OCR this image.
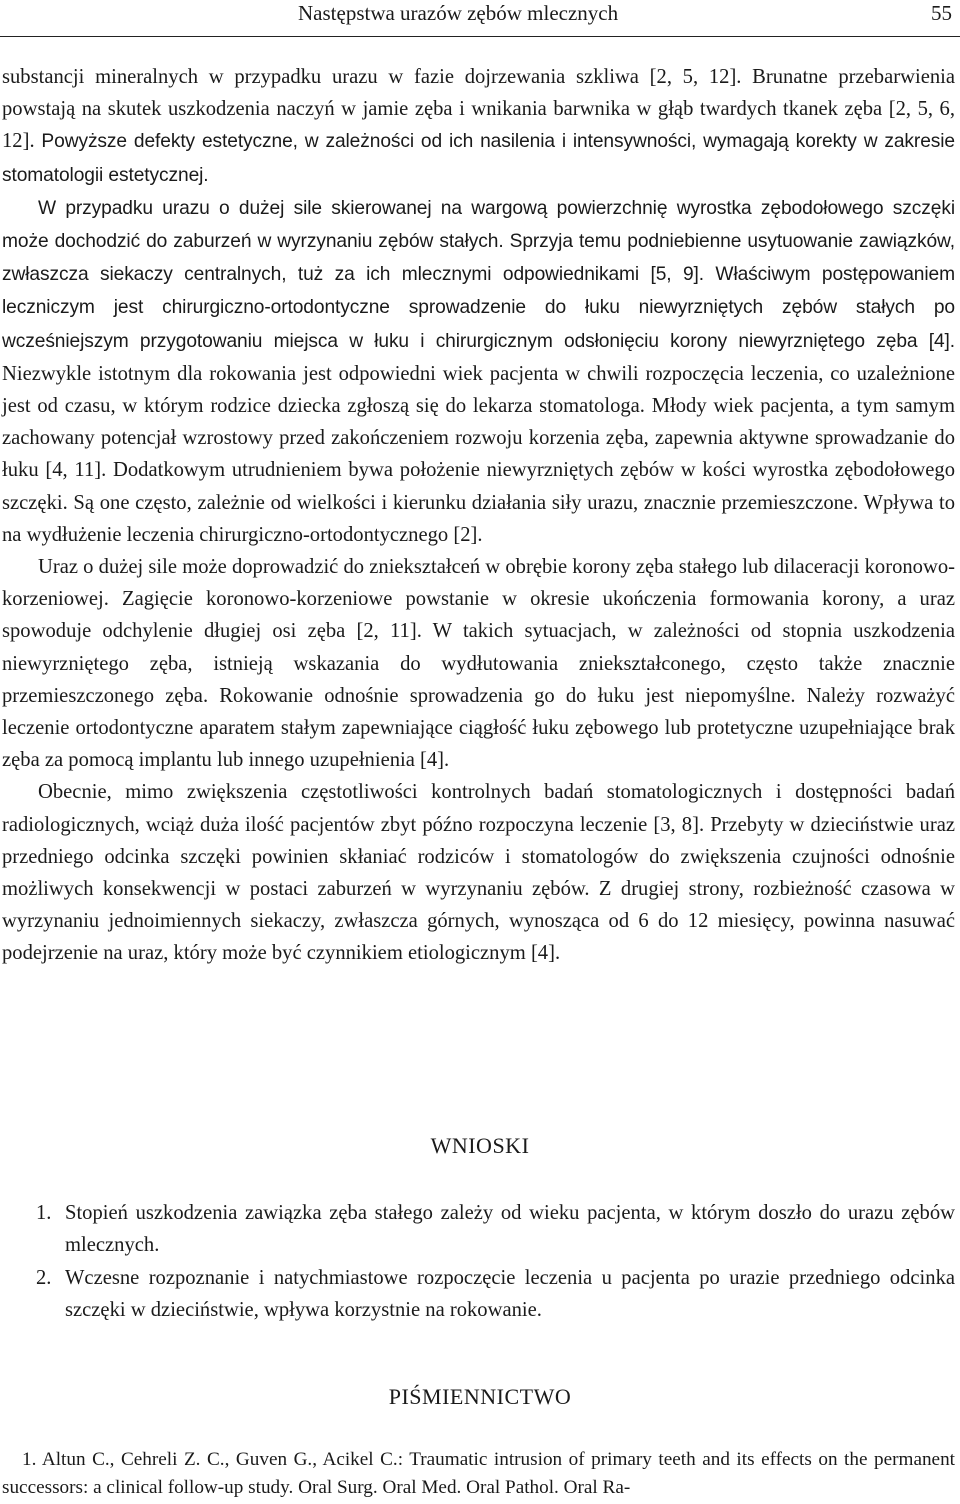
Następstwa urazów zębów mlecznych	55

substancji mineralnych w przypadku urazu w fazie dojrzewania szkliwa [2, 5, 12]. Brunatne przebarwienia powstają na skutek uszkodzenia naczyń w jamie zęba i wnikania barwnika w głąb twardych tkanek zęba [2, 5, 6, 12]. Powyższe defekty estetyczne, w zależności od ich nasilenia i intensywności, wymagają korekty w zakresie stomatologii estetycznej.

W przypadku urazu o dużej sile skierowanej na wargową powierzchnię wyrostka zębodołowego szczęki może dochodzić do zaburzeń w wyrzynaniu zębów stałych. Sprzyja temu podniebienne usytuowanie zawiązków, zwłaszcza siekaczy centralnych, tuż za ich mlecznymi odpowiednikami [5, 9]. Właściwym postępowaniem leczniczym jest chirurgiczno-ortodontyczne sprowadzenie do łuku niewyrzniętych zębów stałych po wcześniejszym przygotowaniu miejsca w łuku i chirurgicznym odsłonięciu korony niewyrzniętego zęba [4]. Niezwykle istotnym dla rokowania jest odpowiedni wiek pacjenta w chwili rozpoczęcia leczenia, co uzależnione jest od czasu, w którym rodzice dziecka zgłoszą się do lekarza stomatologa. Młody wiek pacjenta, a tym samym zachowany potencjał wzrostowy przed zakończeniem rozwoju korzenia zęba, zapewnia aktywne sprowadzanie do łuku [4, 11]. Dodatkowym utrudnieniem bywa położenie niewyrzniętych zębów w kości wyrostka zębodołowego szczęki. Są one często, zależnie od wielkości i kierunku działania siły urazu, znacznie przemieszczone. Wpływa to na wydłużenie leczenia chirurgiczno-ortodontycznego [2].

Uraz o dużej sile może doprowadzić do zniekształceń w obrębie korony zęba stałego lub dilaceracji koronowo-korzeniowej. Zagięcie koronowo-korzeniowe powstanie w okresie ukończenia formowania korony, a uraz spowoduje odchylenie długiej osi zęba [2, 11]. W takich sytuacjach, w zależności od stopnia uszkodzenia niewyrzniętego zęba, istnieją wskazania do wydłutowania zniekształconego, często także znacznie przemieszczonego zęba. Rokowanie odnośnie sprowadzenia go do łuku jest niepomyślne. Należy rozważyć leczenie ortodontyczne aparatem stałym zapewniające ciągłość łuku zębowego lub protetyczne uzupełniające brak zęba za pomocą implantu lub innego uzupełnienia [4].

Obecnie, mimo zwiększenia częstotliwości kontrolnych badań stomatologicznych i dostępności badań radiologicznych, wciąż duża ilość pacjentów zbyt późno rozpoczyna leczenie [3, 8]. Przebyty w dzieciństwie uraz przedniego odcinka szczęki powinien skłaniać rodziców i stomatologów do zwiększenia czujności odnośnie możliwych konsekwencji w postaci zaburzeń w wyrzynaniu zębów. Z drugiej strony, rozbieżność czasowa w wyrzynaniu jednoimiennych siekaczy, zwłaszcza górnych, wynosząca od 6 do 12 miesięcy, powinna nasuwać podejrzenie na uraz, który może być czynnikiem etiologicznym [4].

WNIOSKI
1. Stopień uszkodzenia zawiązka zęba stałego zależy od wieku pacjenta, w którym doszło do urazu zębów mlecznych.
2. Wczesne rozpoznanie i natychmiastowe rozpoczęcie leczenia u pacjenta po urazie przedniego odcinka szczęki w dzieciństwie, wpływa korzystnie na rokowanie.
PIŚMIENNICTWO

1. Altun C., Cehreli Z. C., Guven G., Acikel C.: Traumatic intrusion of primary teeth and its effects on the permanent successors: a clinical follow-up study. Oral Surg. Oral Med. Oral Pathol. Oral Ra-
